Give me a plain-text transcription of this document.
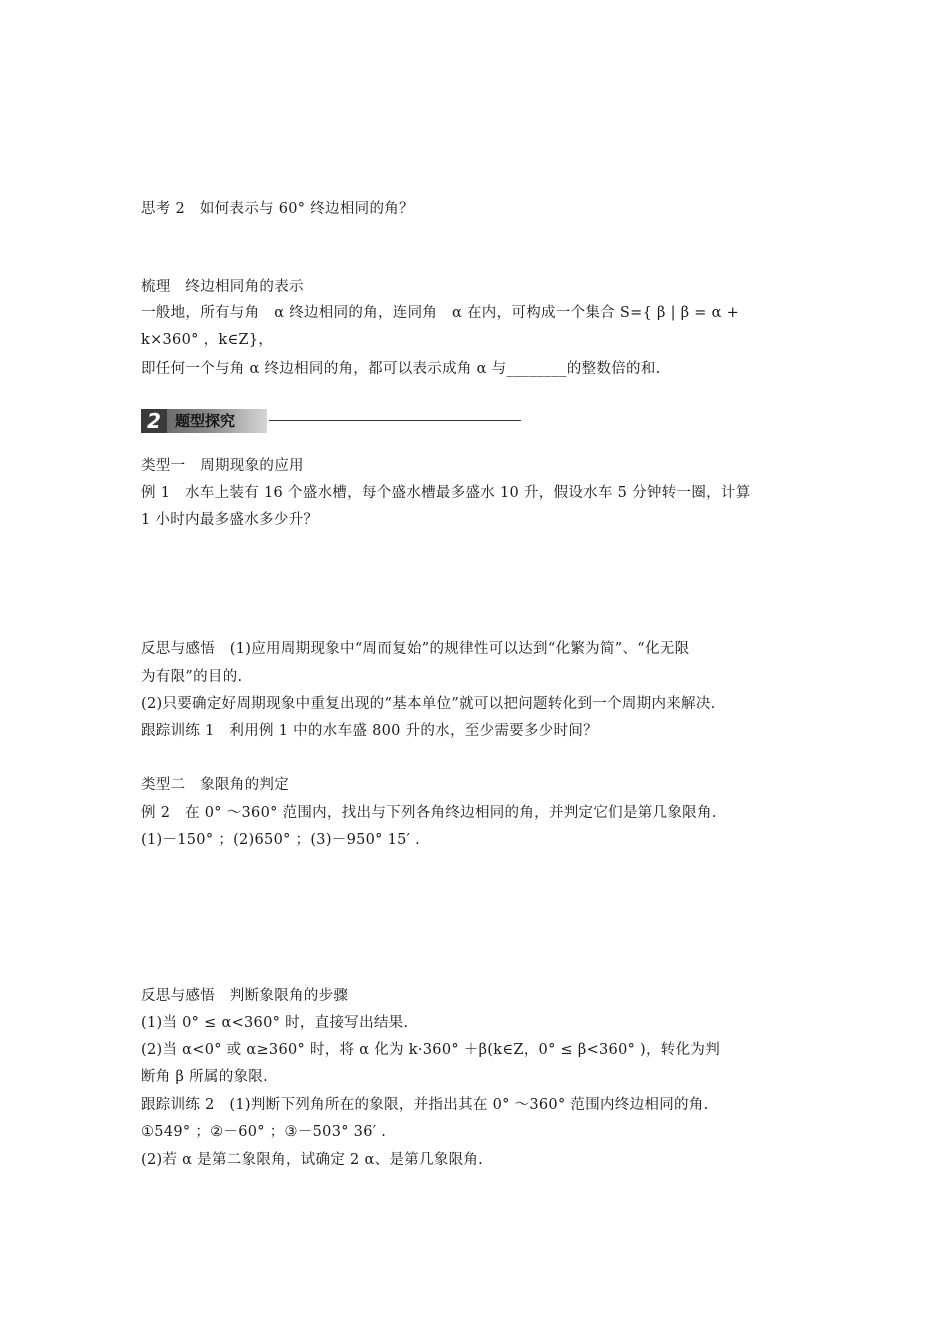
思考 2　如何表示与 60° 终边相同的角？
梳理　终边相同角的表示
一般地，所有与角　α 终边相同的角，连同角　α 在内，可构成一个集合 S={ β | β = α +
k×360° ，k∈Z}，
即任何一个与角 α 终边相同的角，都可以表示成角 α 与________的整数倍的和.
2 题型探究
类型一　周期现象的应用
例 1　水车上装有 16 个盛水槽，每个盛水槽最多盛水 10 升，假设水车 5 分钟转一圈，计算
1 小时内最多盛水多少升？
反思与感悟　(1)应用周期现象中“周而复始”的规律性可以达到“化繁为简”、“化无限
为有限”的目的.
(2)只要确定好周期现象中重复出现的“基本单位”就可以把问题转化到一个周期内来解决.
跟踪训练 1　利用例 1 中的水车盛 800 升的水，至少需要多少时间？
类型二　象限角的判定
例 2　在 0° ～360° 范围内，找出与下列各角终边相同的角，并判定它们是第几象限角.
(1)－150° ；(2)650° ；(3)－950° 15′ .
反思与感悟　判断象限角的步骤
(1)当 0° ≤ α<360° 时，直接写出结果.
(2)当 α<0° 或 α≥360° 时，将 α 化为 k·360° ＋β(k∈Z，0° ≤ β<360° )，转化为判
断角 β 所属的象限.
跟踪训练 2　(1)判断下列角所在的象限，并指出其在 0° ～360° 范围内终边相同的角.
①549° ；②－60° ；③－503° 36′ .
(2)若 α 是第二象限角，试确定 2 α、是第几象限角.
